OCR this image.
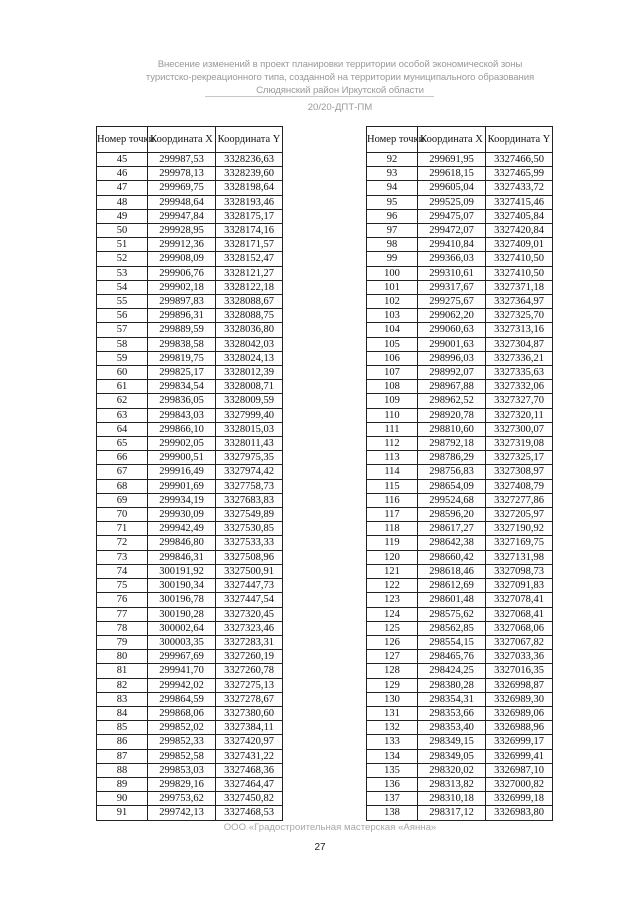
Внесение изменений в проект планировки территории особой экономической зоны
туристско-рекреационного типа, созданной на территории муниципального образования
Слюдянский район Иркутской области
20/20-ДПТ-ПМ
Номер точки	Координата X	Координата Y
45	299987,53	3328236,63
46	299978,13	3328239,60
47	299969,75	3328198,64
48	299948,64	3328193,46
49	299947,84	3328175,17
50	299928,95	3328174,16
51	299912,36	3328171,57
52	299908,09	3328152,47
53	299906,76	3328121,27
54	299902,18	3328122,18
55	299897,83	3328088,67
56	299896,31	3328088,75
57	299889,59	3328036,80
58	299838,58	3328042,03
59	299819,75	3328024,13
60	299825,17	3328012,39
61	299834,54	3328008,71
62	299836,05	3328009,59
63	299843,03	3327999,40
64	299866,10	3328015,03
65	299902,05	3328011,43
66	299900,51	3327975,35
67	299916,49	3327974,42
68	299901,69	3327758,73
69	299934,19	3327683,83
70	299930,09	3327549,89
71	299942,49	3327530,85
72	299846,80	3327533,33
73	299846,31	3327508,96
74	300191,92	3327500,91
75	300190,34	3327447,73
76	300196,78	3327447,54
77	300190,28	3327320,45
78	300002,64	3327323,46
79	300003,35	3327283,31
80	299967,69	3327260,19
81	299941,70	3327260,78
82	299942,02	3327275,13
83	299864,59	3327278,67
84	299868,06	3327380,60
85	299852,02	3327384,11
86	299852,33	3327420,97
87	299852,58	3327431,22
88	299853,03	3327468,36
89	299829,16	3327464,47
90	299753,62	3327450,82
91	299742,13	3327468,53
Номер точки	Координата X	Координата Y
92	299691,95	3327466,50
93	299618,15	3327465,99
94	299605,04	3327433,72
95	299525,09	3327415,46
96	299475,07	3327405,84
97	299472,07	3327420,84
98	299410,84	3327409,01
99	299366,03	3327410,50
100	299310,61	3327410,50
101	299317,67	3327371,18
102	299275,67	3327364,97
103	299062,20	3327325,70
104	299060,63	3327313,16
105	299001,63	3327304,87
106	298996,03	3327336,21
107	298992,07	3327335,63
108	298967,88	3327332,06
109	298962,52	3327327,70
110	298920,78	3327320,11
111	298810,60	3327300,07
112	298792,18	3327319,08
113	298786,29	3327325,17
114	298756,83	3327308,97
115	298654,09	3327408,79
116	299524,68	3327277,86
117	298596,20	3327205,97
118	298617,27	3327190,92
119	298642,38	3327169,75
120	298660,42	3327131,98
121	298618,46	3327098,73
122	298612,69	3327091,83
123	298601,48	3327078,41
124	298575,62	3327068,41
125	298562,85	3327068,06
126	298554,15	3327067,82
127	298465,76	3327033,36
128	298424,25	3327016,35
129	298380,28	3326998,87
130	298354,31	3326989,30
131	298353,66	3326989,06
132	298353,40	3326988,96
133	298349,15	3326999,17
134	298349,05	3326999,41
135	298320,02	3326987,10
136	298313,82	3327000,82
137	298310,18	3326999,18
138	298317,12	3326983,80
ООО «Градостроительная мастерская «Аянна»
27
